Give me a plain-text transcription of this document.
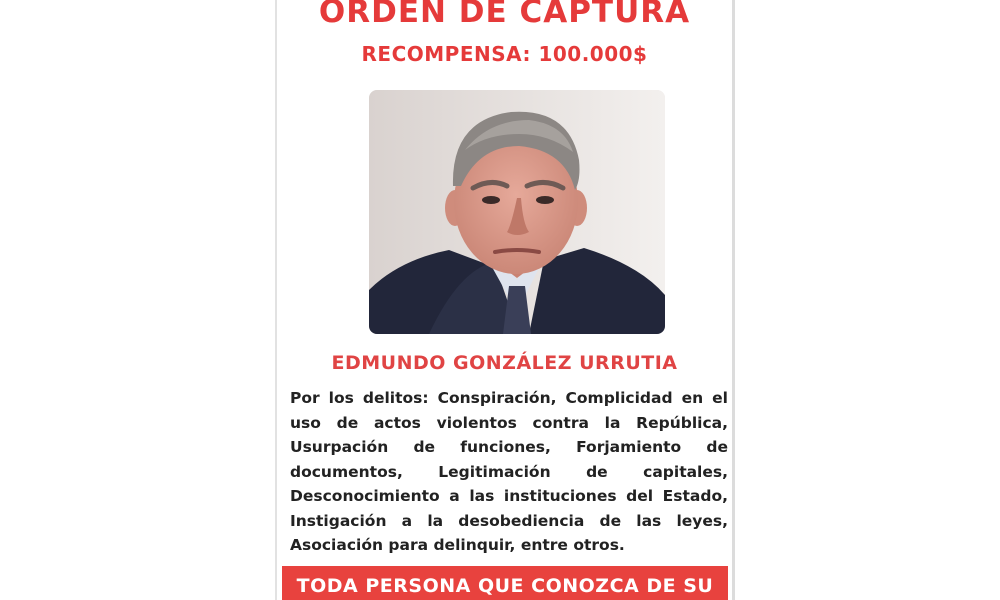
ORDEN DE CAPTURA
RECOMPENSA: 100.000$
EDMUNDO GONZÁLEZ URRUTIA
Por los delitos: Conspiración, Complicidad en el uso de actos violentos contra la República, Usurpación de funciones, Forjamiento de documentos, Legitimación de capitales, Desconocimiento a las instituciones del Estado, Instigación a la desobediencia de las leyes, Asociación para delinquir, entre otros.
TODA PERSONA QUE CONOZCA DE SU
